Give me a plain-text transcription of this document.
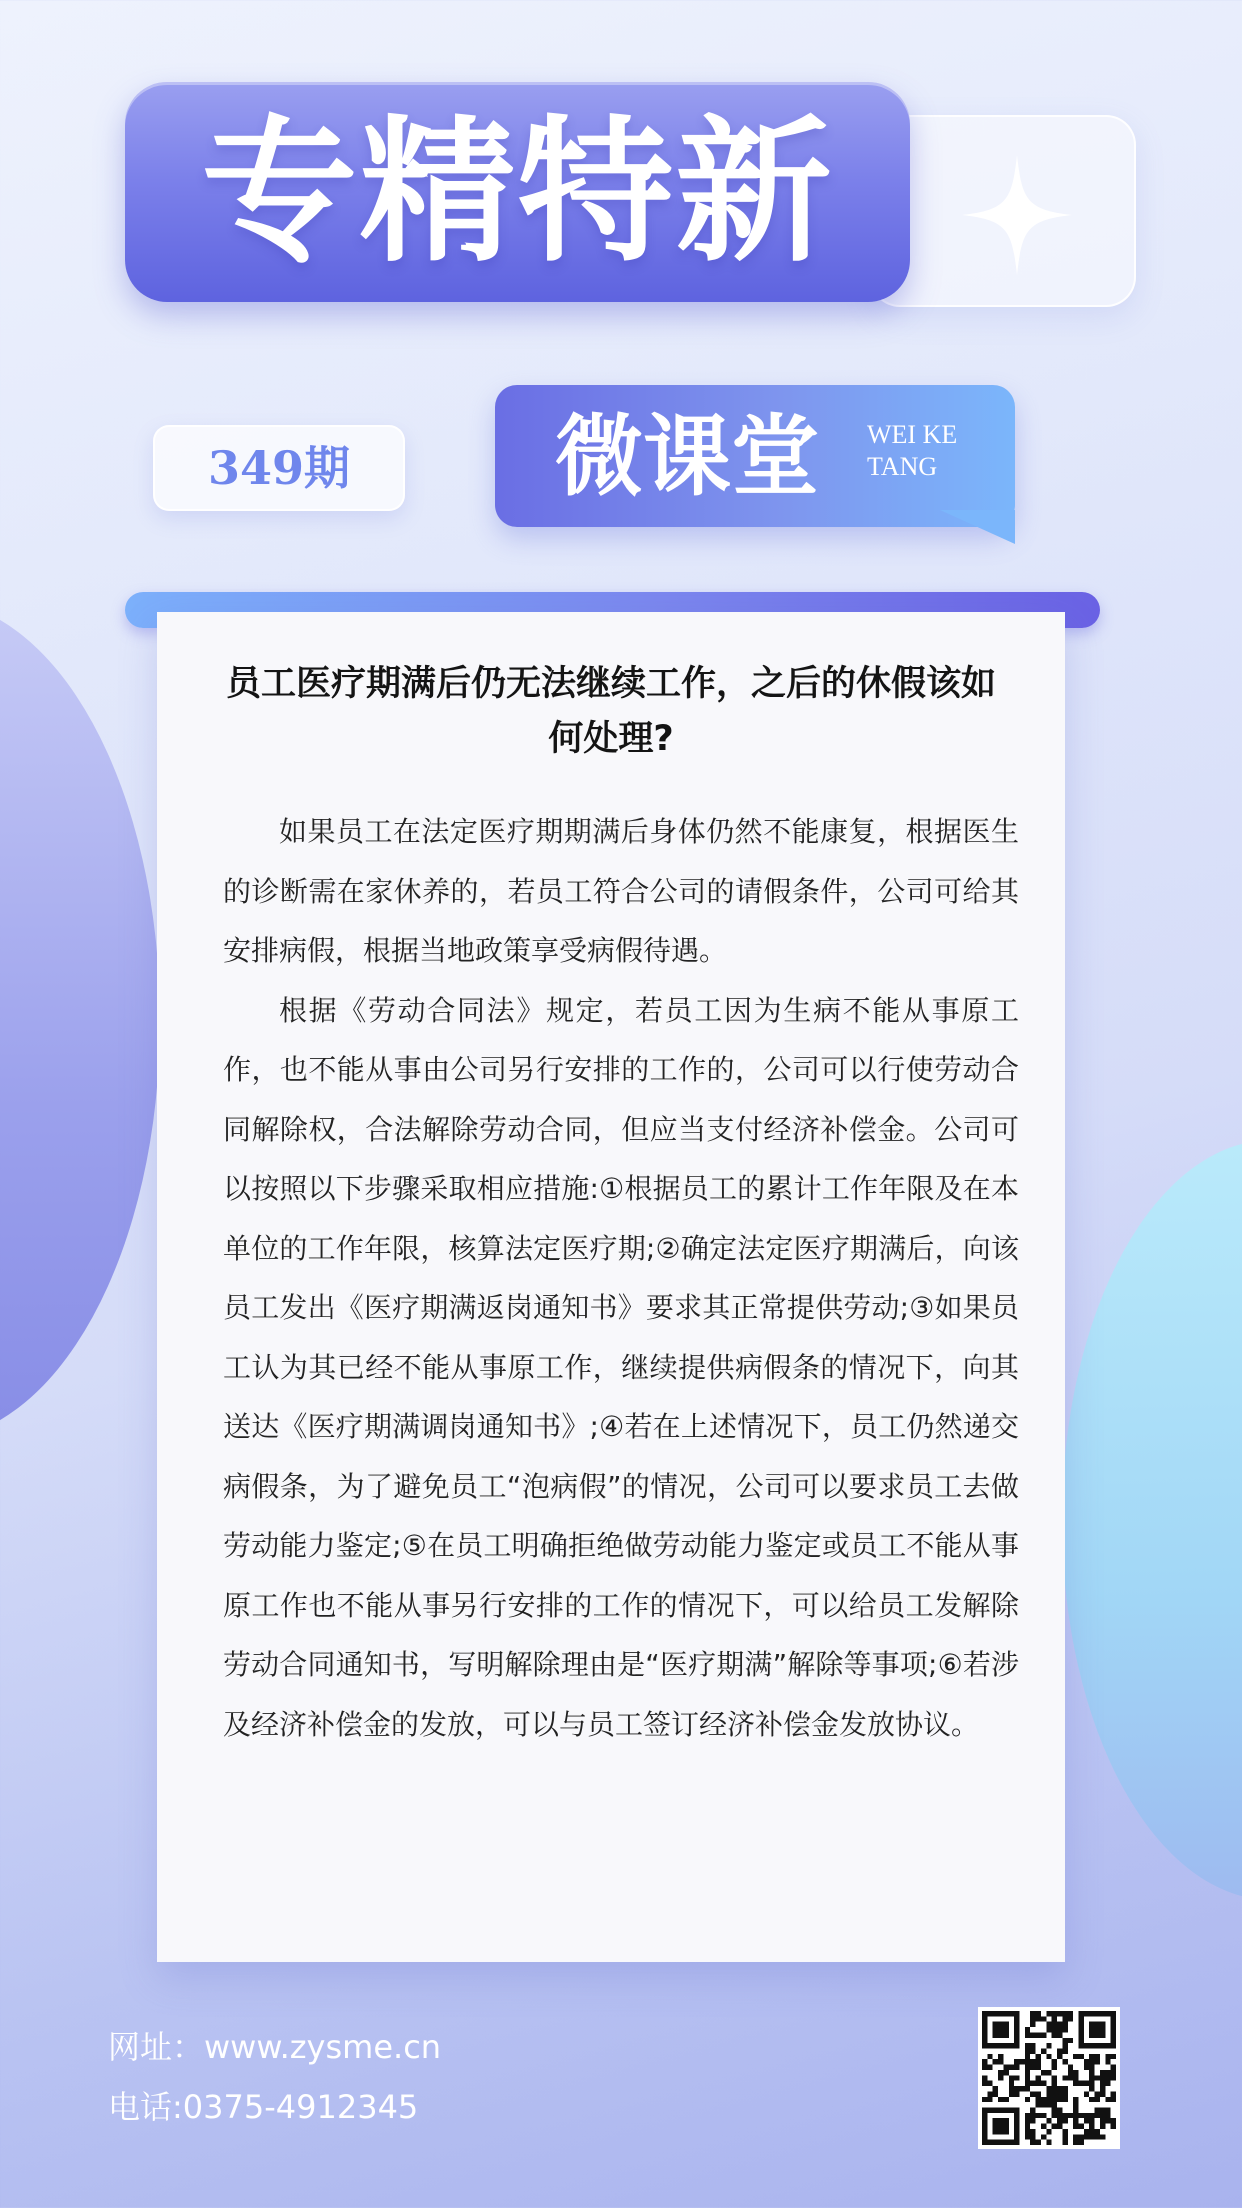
专精特新
349期	微课堂 WEI KE
TANG
员工医疗期满后仍无法继续工作，之后的休假该如何处理?

如果员工在法定医疗期期满后身体仍然不能康复，根据医生的诊断需在家休养的，若员工符合公司的请假条件，公司可给其安排病假，根据当地政策享受病假待遇。

根据《劳动合同法》规定，若员工因为生病不能从事原工作，也不能从事由公司另行安排的工作的，公司可以行使劳动合同解除权，合法解除劳动合同，但应当支付经济补偿金。公司可以按照以下步骤采取相应措施:①根据员工的累计工作年限及在本单位的工作年限，核算法定医疗期;②确定法定医疗期满后，向该员工发出《医疗期满返岗通知书》要求其正常提供劳动;③如果员工认为其已经不能从事原工作，继续提供病假条的情况下，向其送达《医疗期满调岗通知书》;④若在上述情况下，员工仍然递交病假条，为了避免员工“泡病假”的情况，公司可以要求员工去做劳动能力鉴定;⑤在员工明确拒绝做劳动能力鉴定或员工不能从事原工作也不能从事另行安排的工作的情况下，可以给员工发解除劳动合同通知书，写明解除理由是“医疗期满”解除等事项;⑥若涉及经济补偿金的发放，可以与员工签订经济补偿金发放协议。

网址：www.zysme.cn
电话:0375-4912345
